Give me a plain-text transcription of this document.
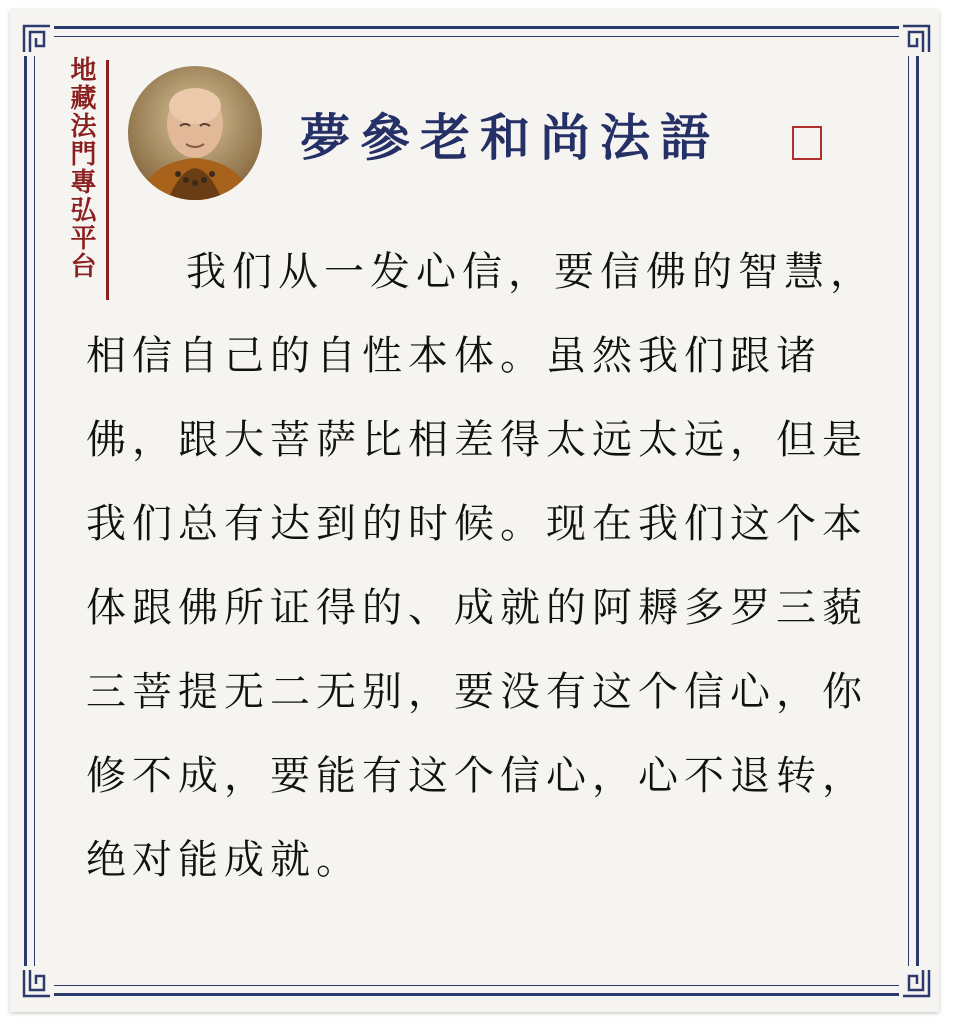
地藏法門專弘平台	夢參老和尚法語
我们从一发心信，要信佛的智慧，相信自己的自性本体。虽然我们跟诸佛，跟大菩萨比相差得太远太远，但是我们总有达到的时候。现在我们这个本体跟佛所证得的、成就的阿耨多罗三藐三菩提无二无别，要没有这个信心，你修不成，要能有这个信心，心不退转，绝对能成就。
